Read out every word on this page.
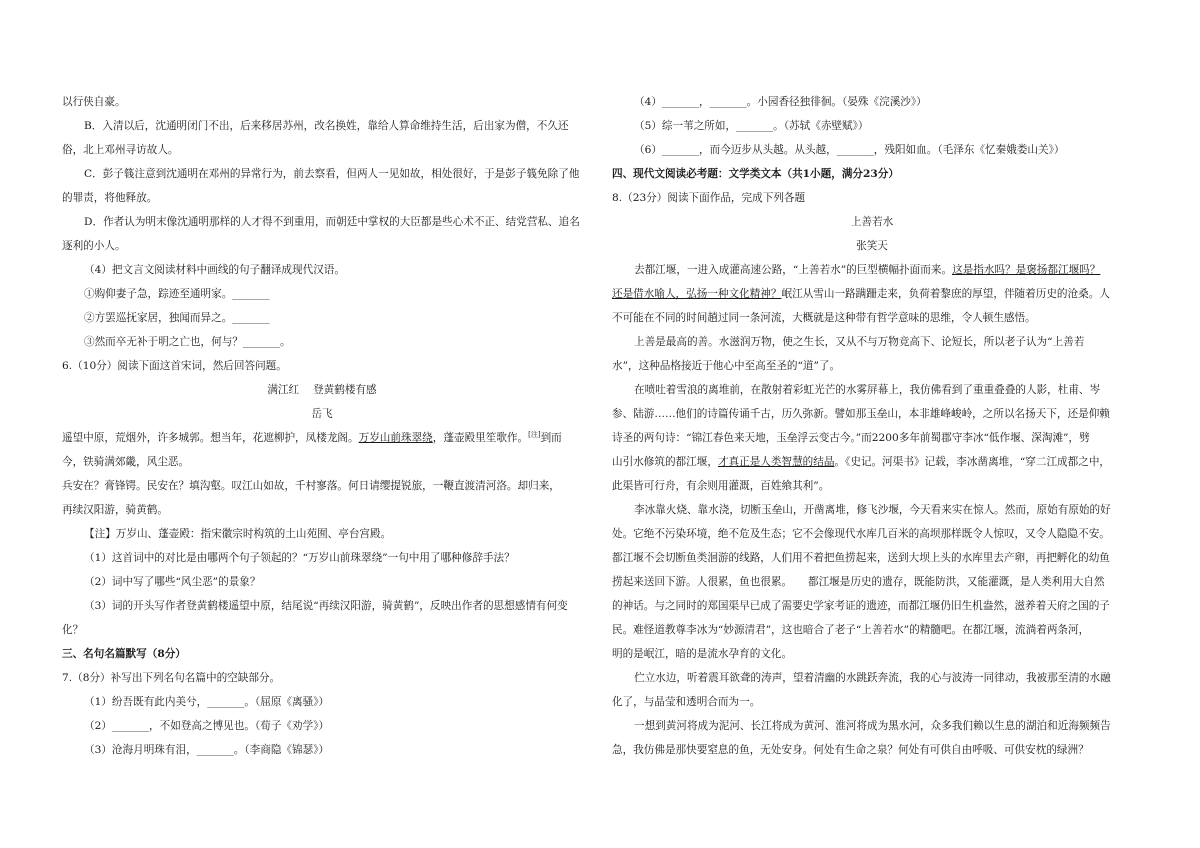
以行侠自豪。
B．入清以后，沈通明闭门不出，后来移居苏州，改名换姓，靠给人算命维持生活，后出家为僧，不久还
俗，北上邓州寻访故人。
C．彭子篯注意到沈通明在邓州的异常行为，前去察看，但两人一见如故，相处很好，于是彭子篯免除了他
的罪责，将他释放。
D．作者认为明末像沈通明那样的人才得不到重用，而朝廷中掌权的大臣都是些心术不正、结党营私、追名
逐利的小人。
（4）把文言文阅读材料中画线的句子翻译成现代汉语。
①购仰妻子急，踪迹至通明家。_______
②方罢巡抚家居，独闻而异之。_______
③然而卒无补于明之亡也，何与？_______。
6.（10分）阅读下面这首宋词，然后回答问题。
满江红　 登黄鹤楼有感
岳飞
遥望中原，荒烟外，许多城郭。想当年，花遮柳护，凤楼龙阁。万岁山前珠翠绕，蓬壶殿里笙歌作。[注]到而
今，铁骑满郊畿，风尘恶。
兵安在？膏锋锷。民安在？填沟壑。叹江山如故，千村寥落。何日请缨提锐旅，一鞭直渡清河洛。却归来，
再续汉阳游，骑黄鹤。
【注】万岁山、蓬壶殿：指宋徽宗时构筑的土山苑囿、亭台宫殿。
（1）这首词中的对比是由哪两个句子领起的？“万岁山前珠翠绕”一句中用了哪种修辞手法？
（2）词中写了哪些“风尘恶”的景象？
（3）词的开头写作者登黄鹤楼遥望中原，结尾说“再续汉阳游，骑黄鹤”，反映出作者的思想感情有何变
化？
三、名句名篇默写（8分）
7.（8分）补写出下列名句名篇中的空缺部分。
（1）纷吾既有此内美兮，_______。（屈原《离骚》）
（2）_______，不如登高之博见也。（荀子《劝学》）
（3）沧海月明珠有泪，_______。（李商隐《锦瑟》）
（4）_______，_______。小园香径独徘徊。（晏殊《浣溪沙》）
（5）综一苇之所如，_______。（苏轼《赤壁赋》）
（6）_______，而今迈步从头越。从头越，_______，残阳如血。（毛泽东《忆秦娥娄山关》）
四、现代文阅读必考题：文学类文本（共1小题，满分23分）
8.（23分）阅读下面作品，完成下列各题
上善若水
张笑天
去都江堰，一进入成灌高速公路，“上善若水”的巨型横幅扑面而来。这是指水吗？是褒扬都江堰吗？
还是借水喻人，弘扬一种文化精神？岷江从雪山一路蹒跚走来，负荷着黎庶的厚望，伴随着历史的沧桑。人
不可能在不同的时间趟过同一条河流，大概就是这种带有哲学意味的思维，令人顿生感悟。
上善是最高的善。水滋润万物，使之生长，又从不与万物竞高下、论短长，所以老子认为“上善若
水”，这种品格接近于他心中至高至圣的“道”了。
在喷吐着雪浪的离堆前，在散射着彩虹光芒的水雾屏幕上，我仿佛看到了重重叠叠的人影，杜甫、岑
参、陆游……他们的诗篇传诵千古，历久弥新。譬如那玉垒山，本非雄峰峻岭，之所以名扬天下，还是仰赖
诗圣的两句诗：“锦江春色来天地，玉垒浮云变古今。”而2200多年前蜀郡守李冰“低作堰、深淘滩”，劈
山引水修筑的都江堰，才真正是人类智慧的结晶。《史记。河渠书》记载，李冰凿离堆，“穿二江成都之中，
此渠皆可行舟，有余则用灌溉，百姓飨其利”。
李冰靠火烧、靠水浇，切断玉垒山，开凿离堆，修飞沙堰，今天看来实在惊人。然而，原始有原始的好
处。它绝不污染环境，绝不危及生态；它不会像现代水库几百米的高坝那样既令人惊叹，又令人隐隐不安。
都江堰不会切断鱼类洄游的线路，人们用不着把鱼捞起来，送到大坝上头的水库里去产卵，再把孵化的幼鱼
捞起来送回下游。人很累，鱼也很累。　　都江堰是历史的遗存，既能防洪，又能灌溉，是人类利用大自然
的神话。与之同时的郑国渠早已成了需要史学家考证的遗迹，而都江堰仍旧生机盎然，滋养着天府之国的子
民。难怪道教尊李冰为“妙源清君”，这也暗合了老子“上善若水”的精髓吧。在都江堰，流淌着两条河，
明的是岷江，暗的是流水孕育的文化。
伫立水边，听着震耳欲聋的涛声，望着清幽的水跳跃奔流，我的心与波涛一同律动，我被那至清的水融
化了，与晶莹和透明合而为一。
一想到黄河将成为泥河、长江将成为黄河、淮河将成为黑水河，众多我们赖以生息的湖泊和近海频频告
急，我仿佛是那快要窒息的鱼，无处安身。何处有生命之泉？何处有可供自由呼吸、可供安枕的绿洲？
